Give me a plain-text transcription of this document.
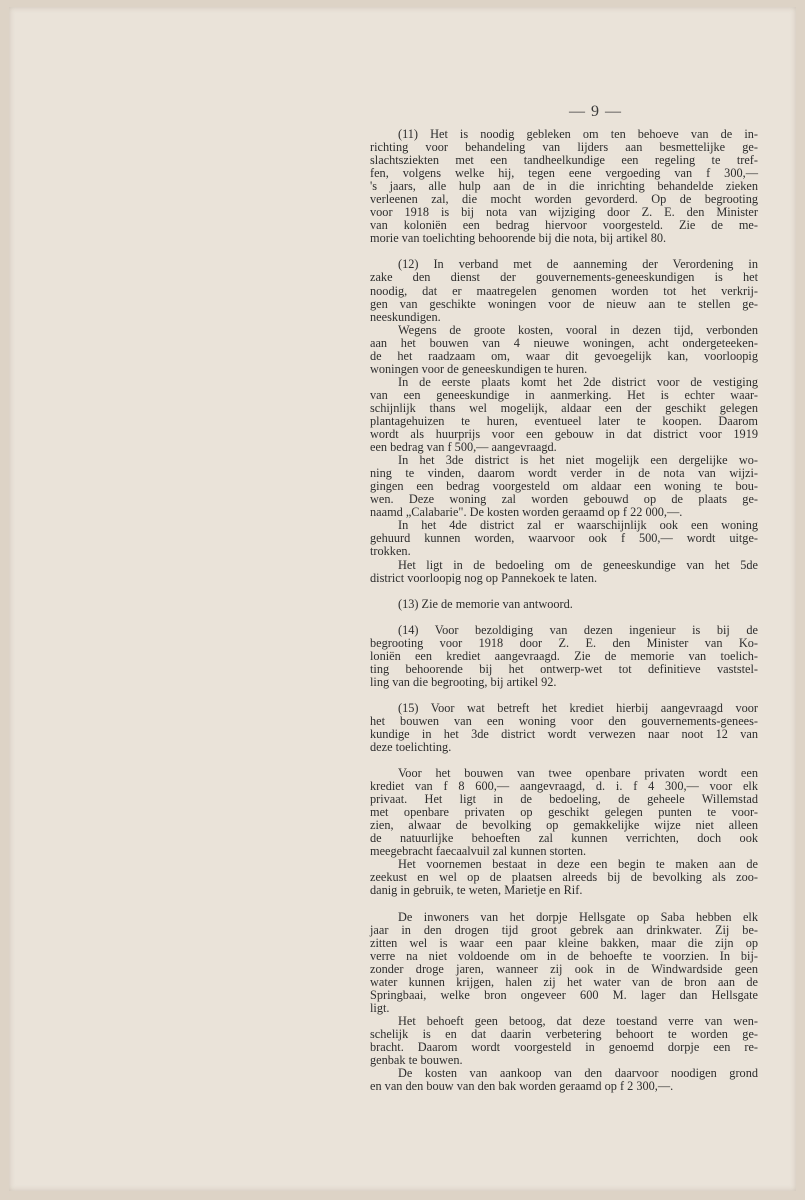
— 9 —
(11) Het is noodig gebleken om ten behoeve van de in-
richting voor behandeling van lijders aan besmettelijke ge-
slachtsziekten met een tandheelkundige een regeling te tref-
fen, volgens welke hij, tegen eene vergoeding van f 300,—
's jaars, alle hulp aan de in die inrichting behandelde zieken
verleenen zal, die mocht worden gevorderd. Op de begrooting
voor 1918 is bij nota van wijziging door Z. E. den Minister
van koloniën een bedrag hiervoor voorgesteld. Zie de me-
morie van toelichting behoorende bij die nota, bij artikel 80.
(12) In verband met de aanneming der Verordening in
zake den dienst der gouvernements-geneeskundigen is het
noodig, dat er maatregelen genomen worden tot het verkrij-
gen van geschikte woningen voor de nieuw aan te stellen ge-
neeskundigen.
Wegens de groote kosten, vooral in dezen tijd, verbonden
aan het bouwen van 4 nieuwe woningen, acht ondergeteeken-
de het raadzaam om, waar dit gevoegelijk kan, voorloopig
woningen voor de geneeskundigen te huren.
In de eerste plaats komt het 2de district voor de vestiging
van een geneeskundige in aanmerking. Het is echter waar-
schijnlijk thans wel mogelijk, aldaar een der geschikt gelegen
plantagehuizen te huren, eventueel later te koopen. Daarom
wordt als huurprijs voor een gebouw in dat district voor 1919
een bedrag van f 500,— aangevraagd.
In het 3de district is het niet mogelijk een dergelijke wo-
ning te vinden, daarom wordt verder in de nota van wijzi-
gingen een bedrag voorgesteld om aldaar een woning te bou-
wen. Deze woning zal worden gebouwd op de plaats ge-
naamd „Calabarie". De kosten worden geraamd op f 22 000,—.
In het 4de district zal er waarschijnlijk ook een woning
gehuurd kunnen worden, waarvoor ook f 500,— wordt uitge-
trokken.
Het ligt in de bedoeling om de geneeskundige van het 5de
district voorloopig nog op Pannekoek te laten.
(13) Zie de memorie van antwoord.
(14) Voor bezoldiging van dezen ingenieur is bij de
begrooting voor 1918 door Z. E. den Minister van Ko-
loniën een krediet aangevraagd. Zie de memorie van toelich-
ting behoorende bij het ontwerp-wet tot definitieve vaststel-
ling van die begrooting, bij artikel 92.
(15) Voor wat betreft het krediet hierbij aangevraagd voor
het bouwen van een woning voor den gouvernements-genees-
kundige in het 3de district wordt verwezen naar noot 12 van
deze toelichting.
Voor het bouwen van twee openbare privaten wordt een
krediet van f 8 600,— aangevraagd, d. i. f 4 300,— voor elk
privaat. Het ligt in de bedoeling, de geheele Willemstad
met openbare privaten op geschikt gelegen punten te voor-
zien, alwaar de bevolking op gemakkelijke wijze niet alleen
de natuurlijke behoeften zal kunnen verrichten, doch ook
meegebracht faecaalvuil zal kunnen storten.
Het voornemen bestaat in deze een begin te maken aan de
zeekust en wel op de plaatsen alreeds bij de bevolking als zoo-
danig in gebruik, te weten, Marietje en Rif.
De inwoners van het dorpje Hellsgate op Saba hebben elk
jaar in den drogen tijd groot gebrek aan drinkwater. Zij be-
zitten wel is waar een paar kleine bakken, maar die zijn op
verre na niet voldoende om in de behoefte te voorzien. In bij-
zonder droge jaren, wanneer zij ook in de Windwardside geen
water kunnen krijgen, halen zij het water van de bron aan de
Springbaai, welke bron ongeveer 600 M. lager dan Hellsgate
ligt.
Het behoeft geen betoog, dat deze toestand verre van wen-
schelijk is en dat daarin verbetering behoort te worden ge-
bracht. Daarom wordt voorgesteld in genoemd dorpje een re-
genbak te bouwen.
De kosten van aankoop van den daarvoor noodigen grond
en van den bouw van den bak worden geraamd op f 2 300,—.
